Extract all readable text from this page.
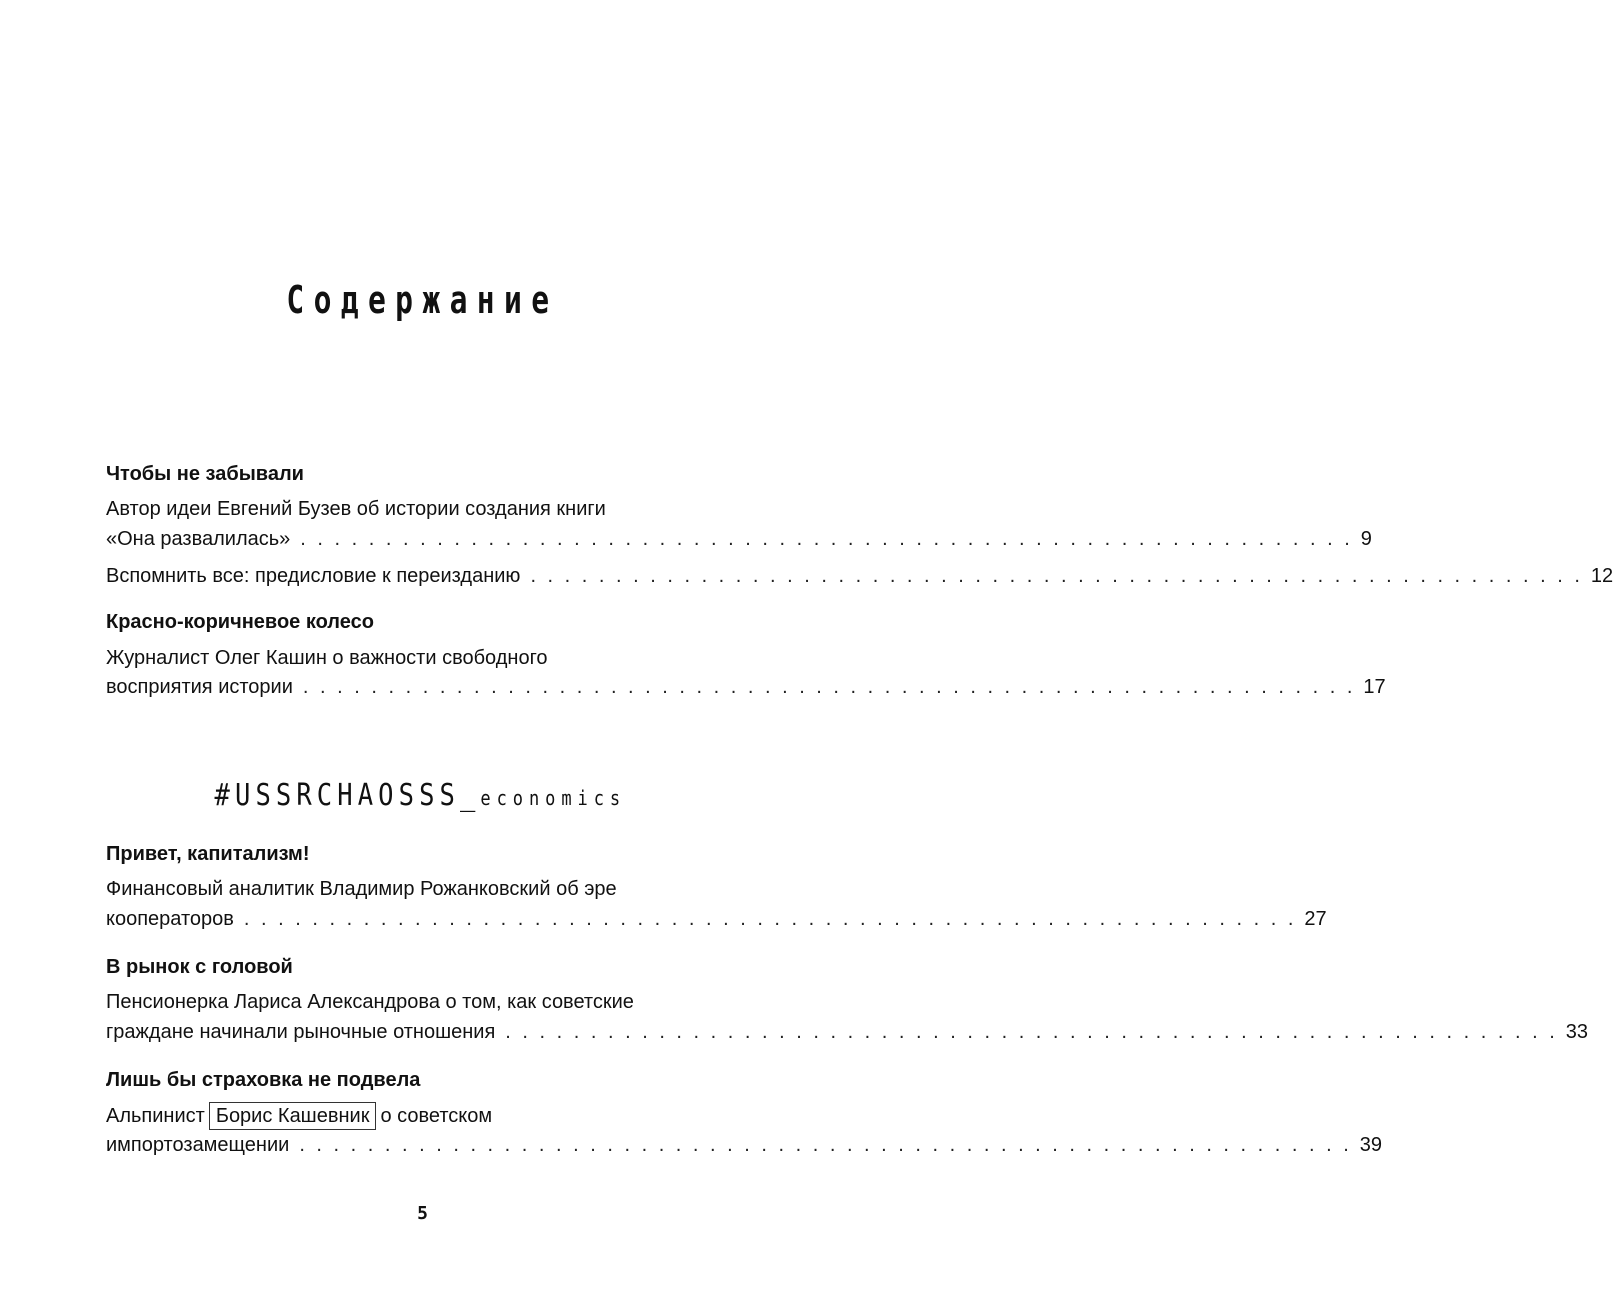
Содержание
Чтобы не забывали
Автор идеи Евгений Бузев об истории создания книги
«Она развалилась» . . . . . . . . . . . . . . . . . . . . . . . . . . . . . . . . . . . . . . . . . . . . . . . . . . . . . . . . . . . . . . 9
Вспомнить все: предисловие к переизданию . . . . . . . . . . . . . . . . . . . . . . . . . . . . . . . . . . . . . . . . . . . . . . . . . . . . . . . . . . . . . . 12
Красно-коричневое колесо
Журналист Олег Кашин о важности свободного
восприятия истории . . . . . . . . . . . . . . . . . . . . . . . . . . . . . . . . . . . . . . . . . . . . . . . . . . . . . . . . . . . . . . 17
#USSRCHAOSSS_economics
Привет, капитализм!
Финансовый аналитик Владимир Рожанковский об эре
кооператоров . . . . . . . . . . . . . . . . . . . . . . . . . . . . . . . . . . . . . . . . . . . . . . . . . . . . . . . . . . . . . . 27
В рынок с головой
Пенсионерка Лариса Александрова о том, как советские
граждане начинали рыночные отношения . . . . . . . . . . . . . . . . . . . . . . . . . . . . . . . . . . . . . . . . . . . . . . . . . . . . . . . . . . . . . . 33
Лишь бы страховка не подвела
Альпинист Борис Кашевник о советском
импортозамещении . . . . . . . . . . . . . . . . . . . . . . . . . . . . . . . . . . . . . . . . . . . . . . . . . . . . . . . . . . . . . . 39
5
